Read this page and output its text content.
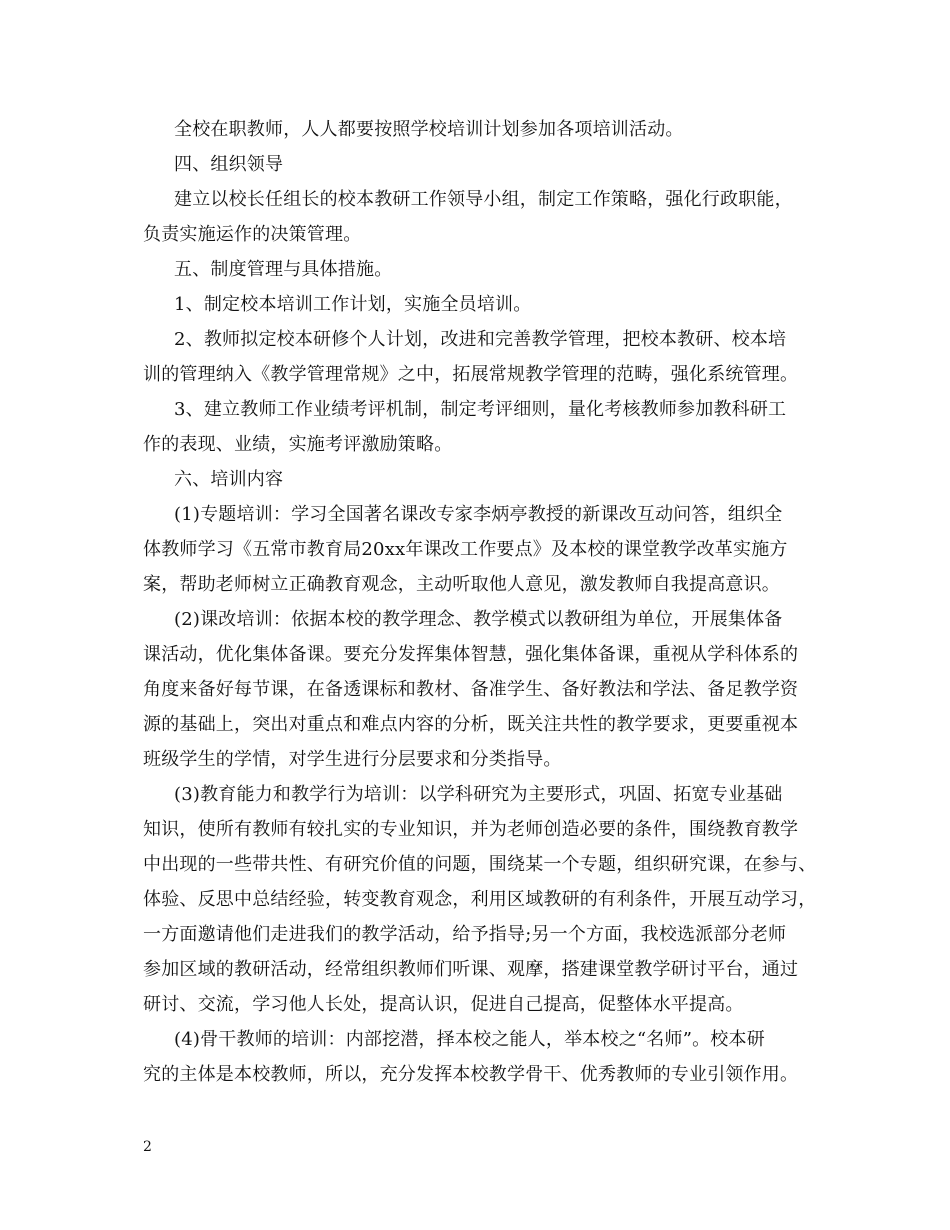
全校在职教师，人人都要按照学校培训计划参加各项培训活动。
四、组织领导
建立以校长任组长的校本教研工作领导小组，制定工作策略，强化行政职能，
负责实施运作的决策管理。
五、制度管理与具体措施。
1、制定校本培训工作计划，实施全员培训。
2、教师拟定校本研修个人计划，改进和完善教学管理，把校本教研、校本培
训的管理纳入《教学管理常规》之中，拓展常规教学管理的范畴，强化系统管理。
3、建立教师工作业绩考评机制，制定考评细则，量化考核教师参加教科研工
作的表现、业绩，实施考评激励策略。
六、培训内容
(1)专题培训：学习全国著名课改专家李炳亭教授的新课改互动问答，组织全
体教师学习《五常市教育局20xx年课改工作要点》及本校的课堂教学改革实施方
案，帮助老师树立正确教育观念，主动听取他人意见，激发教师自我提高意识。
(2)课改培训：依据本校的教学理念、教学模式以教研组为单位，开展集体备
课活动，优化集体备课。要充分发挥集体智慧，强化集体备课，重视从学科体系的
角度来备好每节课，在备透课标和教材、备准学生、备好教法和学法、备足教学资
源的基础上，突出对重点和难点内容的分析，既关注共性的教学要求，更要重视本
班级学生的学情，对学生进行分层要求和分类指导。
(3)教育能力和教学行为培训：以学科研究为主要形式，巩固、拓宽专业基础
知识，使所有教师有较扎实的专业知识，并为老师创造必要的条件，围绕教育教学
中出现的一些带共性、有研究价值的问题，围绕某一个专题，组织研究课，在参与、
体验、反思中总结经验，转变教育观念，利用区域教研的有利条件，开展互动学习，
一方面邀请他们走进我们的教学活动，给予指导;另一个方面，我校选派部分老师
参加区域的教研活动，经常组织教师们听课、观摩，搭建课堂教学研讨平台，通过
研讨、交流，学习他人长处，提高认识，促进自己提高，促整体水平提高。
(4)骨干教师的培训：内部挖潜，择本校之能人，举本校之“名师”。校本研
究的主体是本校教师，所以，充分发挥本校教学骨干、优秀教师的专业引领作用。
2
